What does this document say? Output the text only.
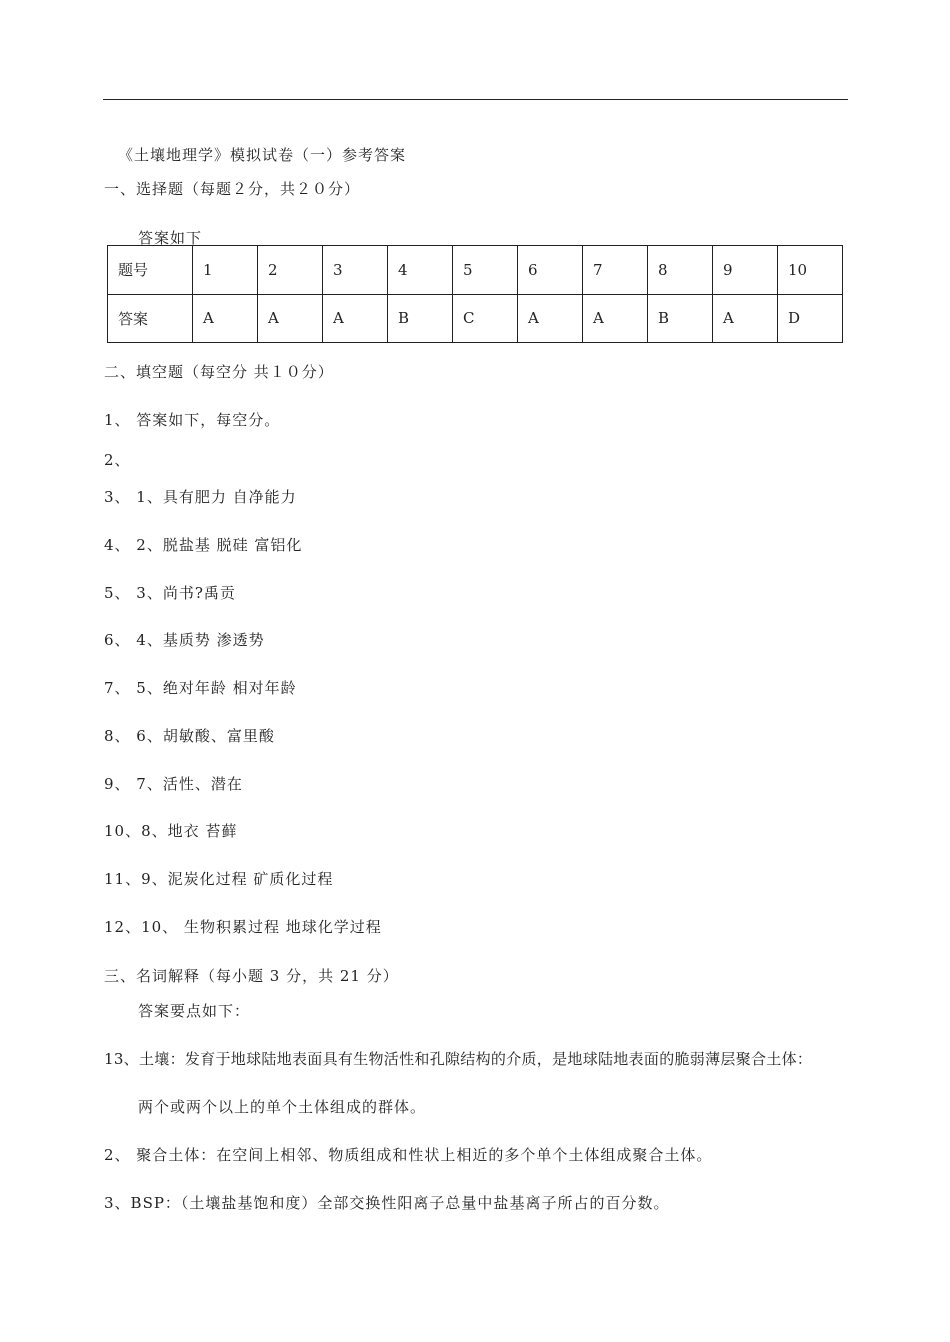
《土壤地理学》模拟试卷（一）参考答案
一、选择题（每题２分，共２０分）
答案如下
题号	1	2	3	4	5	6	7	8	9	10
答案	A	A	A	B	C	A	A	B	A	D
二、填空题（每空分 共１０分）
1、 答案如下，每空分。
2、
3、 1、具有肥力 自净能力
4、 2、脱盐基 脱硅 富铝化
5、 3、尚书?禹贡
6、 4、基质势 渗透势
7、 5、绝对年龄 相对年龄
8、 6、胡敏酸、富里酸
9、 7、活性、潜在
10、8、地衣 苔藓
11、9、泥炭化过程 矿质化过程
12、10、 生物积累过程 地球化学过程
三、名词解释（每小题 3 分，共 21 分）
答案要点如下：
13、土壤：发育于地球陆地表面具有生物活性和孔隙结构的介质，是地球陆地表面的脆弱薄层聚合土体：
两个或两个以上的单个土体组成的群体。
2、 聚合土体：在空间上相邻、物质组成和性状上相近的多个单个土体组成聚合土体。
3、BSP：（土壤盐基饱和度）全部交换性阳离子总量中盐基离子所占的百分数。
